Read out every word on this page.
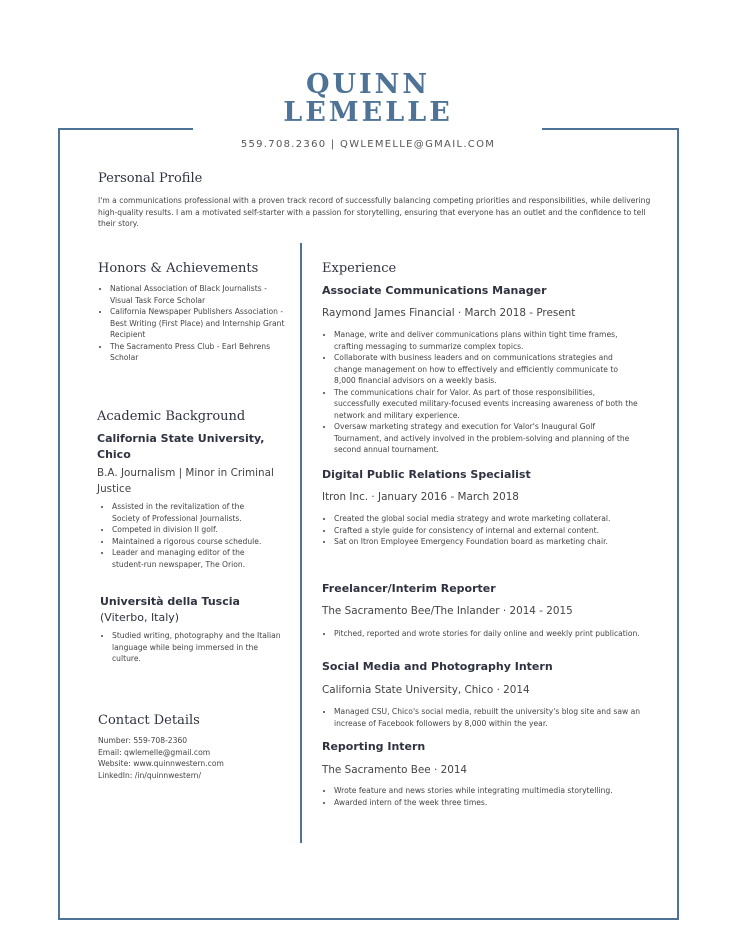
QUINN
LEMELLE
559.708.2360 | QWLEMELLE@GMAIL.COM
Personal Profile
I'm a communications professional with a proven track record of successfully balancing competing priorities and responsibilities, while delivering high-quality results. I am a motivated self-starter with a passion for storytelling, ensuring that everyone has an outlet and the confidence to tell their story.
Honors & Achievements
• National Association of Black Journalists - Visual Task Force Scholar
• California Newspaper Publishers Association - Best Writing (First Place) and Internship Grant Recipient
• The Sacramento Press Club - Earl Behrens Scholar
Academic Background
California State University, Chico
B.A. Journalism | Minor in Criminal Justice
• Assisted in the revitalization of the Society of Professional Journalists.
• Competed in division II golf.
• Maintained a rigorous course schedule.
• Leader and managing editor of the student-run newspaper, The Orion.
Università della Tuscia
(Viterbo, Italy)
• Studied writing, photography and the Italian language while being immersed in the culture.
Contact Details
Number: 559-708-2360
Email: qwlemelle@gmail.com
Website: www.quinnwestern.com
LinkedIn: /in/quinnwestern/
Experience
Associate Communications Manager
Raymond James Financial · March 2018 - Present
• Manage, write and deliver communications plans within tight time frames, crafting messaging to summarize complex topics.
• Collaborate with business leaders and on communications strategies and change management on how to effectively and efficiently communicate to 8,000 financial advisors on a weekly basis.
• The communications chair for Valor. As part of those responsibilities, successfully executed military-focused events increasing awareness of both the network and military experience.
• Oversaw marketing strategy and execution for Valor's Inaugural Golf Tournament, and actively involved in the problem-solving and planning of the second annual tournament.
Digital Public Relations Specialist
Itron Inc. · January 2016 - March 2018
• Created the global social media strategy and wrote marketing collateral.
• Crafted a style guide for consistency of internal and external content.
• Sat on Itron Employee Emergency Foundation board as marketing chair.
Freelancer/Interim Reporter
The Sacramento Bee/The Inlander · 2014 - 2015
• Pitched, reported and wrote stories for daily online and weekly print publication.
Social Media and Photography Intern
California State University, Chico · 2014
• Managed CSU, Chico's social media, rebuilt the university's blog site and saw an increase of Facebook followers by 8,000 within the year.
Reporting Intern
The Sacramento Bee · 2014
• Wrote feature and news stories while integrating multimedia storytelling.
• Awarded intern of the week three times.
